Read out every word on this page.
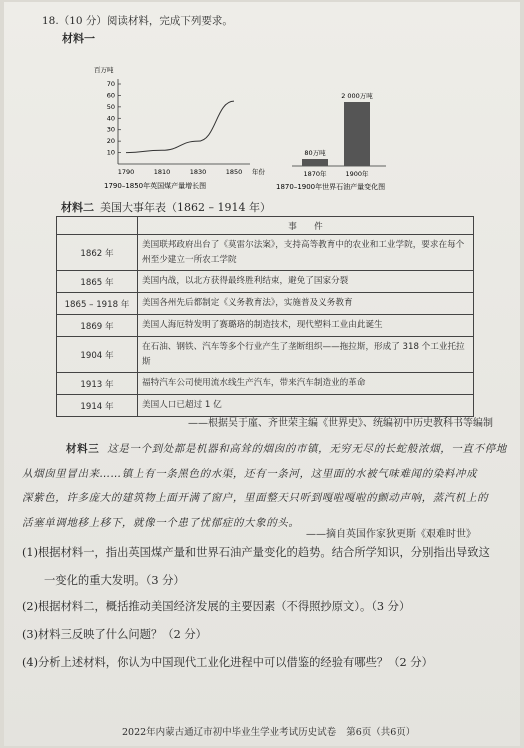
18.（10 分）阅读材料，完成下列要求。
材料一
百万吨
70
60
50
40
30
20
10
1790	1810	1830	1850 年份
1790–1850年英国煤产量增长图
80万吨
2 000万吨
1870年	1900年
1870–1900年世界石油产量变化图
材料二 美国大事年表（1862 – 1914 年）
	事　　件
1862 年	美国联邦政府出台了《莫雷尔法案》，支持高等教育中的农业和工业学院，要求在每个州至少建立一所农工学院
1865 年	美国内战，以北方获得最终胜利结束，避免了国家分裂
1865 – 1918 年	美国各州先后都制定《义务教育法》，实施普及义务教育
1869 年	美国人海厄特发明了赛璐珞的制造技术，现代塑料工业由此诞生
1904 年	在石油、钢铁、汽车等多个行业产生了垄断组织——拖拉斯，形成了 318 个工业托拉斯
1913 年	福特汽车公司使用流水线生产汽车，带来汽车制造业的革命
1914 年	美国人口已超过 1 亿
——根据吴于廑、齐世荣主编《世界史》、统编初中历史教科书等编制
材料三 这是一个到处都是机器和高耸的烟囱的市镇，无穷无尽的长蛇般浓烟，一直不停地
从烟囱里冒出来……镇上有一条黑色的水渠，还有一条河，这里面的水被气味难闻的染料冲成
深紫色，许多庞大的建筑物上面开满了窗户，里面整天只听到嘎啦嘎啦的颤动声响，蒸汽机上的
活塞单调地移上移下，就像一个患了忧郁症的大象的头。
——摘自英国作家狄更斯《艰难时世》
(1)根据材料一，指出英国煤产量和世界石油产量变化的趋势。结合所学知识，分别指出导致这
一变化的重大发明。（3 分）
(2)根据材料二，概括推动美国经济发展的主要因素（不得照抄原文）。（3 分）
(3)材料三反映了什么问题？（2 分）
(4)分析上述材料，你认为中国现代工业化进程中可以借鉴的经验有哪些？（2 分）
2022年内蒙古通辽市初中毕业生学业考试历史试卷 第6页（共6页）
